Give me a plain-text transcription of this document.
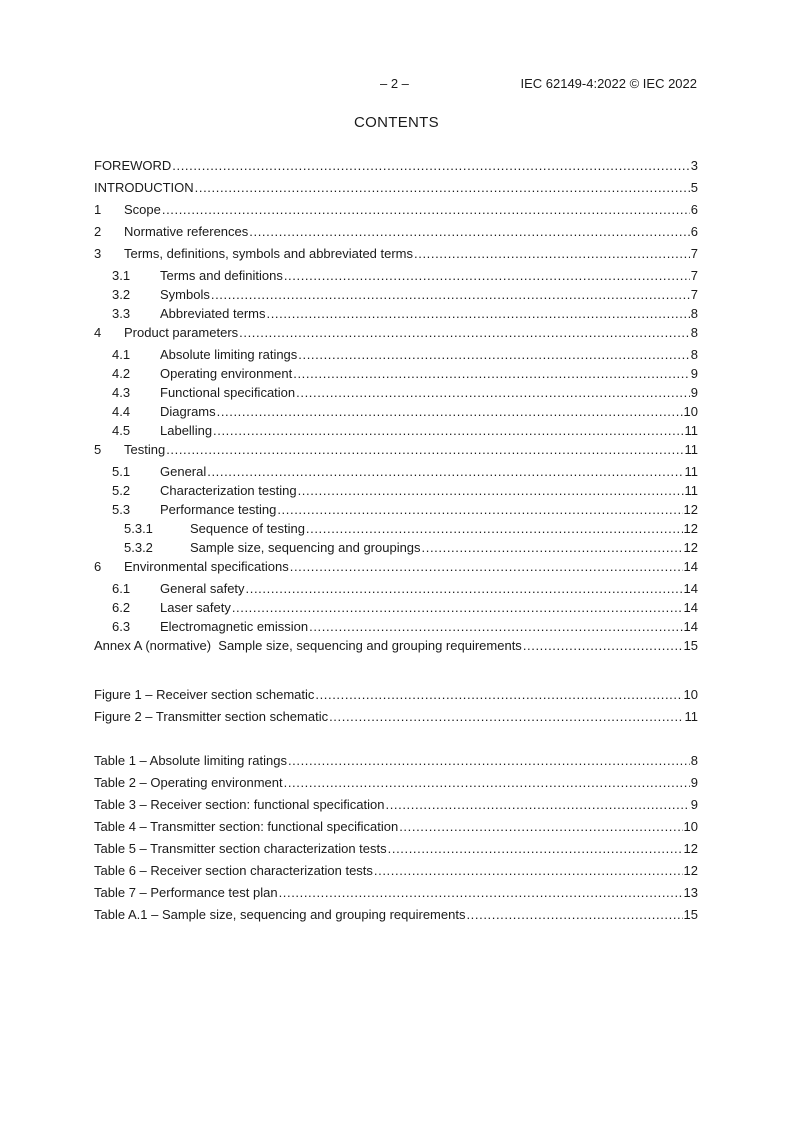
– 2 –	IEC 62149-4:2022 © IEC 2022
CONTENTS
FOREWORD .....	3
INTRODUCTION .....	5
1	Scope .....	6
2	Normative references .....	6
3	Terms, definitions, symbols and abbreviated terms .....	7
3.1	Terms and definitions .....	7
3.2	Symbols .....	7
3.3	Abbreviated terms .....	8
4	Product parameters .....	8
4.1	Absolute limiting ratings .....	8
4.2	Operating environment .....	9
4.3	Functional specification .....	9
4.4	Diagrams .....	10
4.5	Labelling .....	11
5	Testing .....	11
5.1	General .....	11
5.2	Characterization testing .....	11
5.3	Performance testing .....	12
5.3.1	Sequence of testing .....	12
5.3.2	Sample size, sequencing and groupings .....	12
6	Environmental specifications .....	14
6.1	General safety .....	14
6.2	Laser safety .....	14
6.3	Electromagnetic emission .....	14
Annex A (normative)  Sample size, sequencing and grouping requirements .....	15
Figure 1 – Receiver section schematic .....	10
Figure 2 – Transmitter section schematic .....	11
Table 1 – Absolute limiting ratings .....	8
Table 2 – Operating environment .....	9
Table 3 – Receiver section: functional specification .....	9
Table 4 – Transmitter section: functional specification .....	10
Table 5 – Transmitter section characterization tests .....	12
Table 6 – Receiver section characterization tests .....	12
Table 7 – Performance test plan .....	13
Table A.1 – Sample size, sequencing and grouping requirements .....	15
